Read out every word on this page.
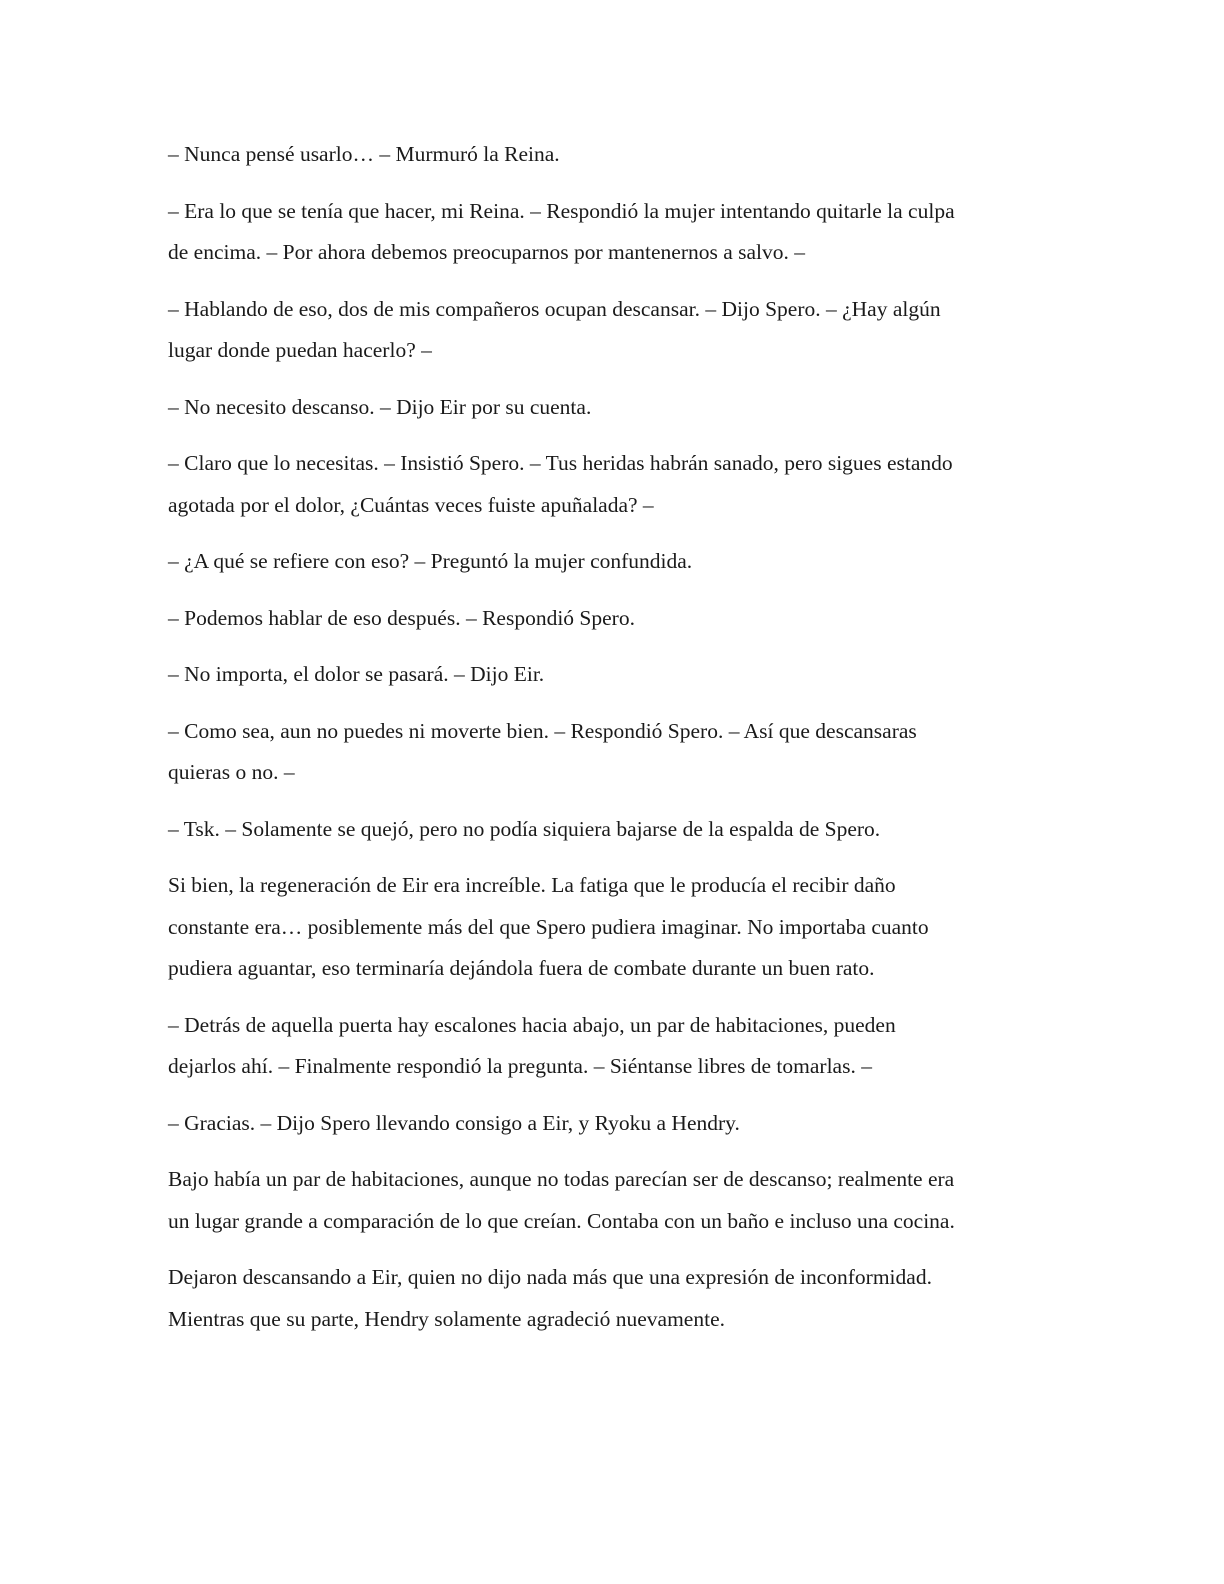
– Nunca pensé usarlo… – Murmuró la Reina.

– Era lo que se tenía que hacer, mi Reina. – Respondió la mujer intentando quitarle la culpa
de encima. – Por ahora debemos preocuparnos por mantenernos a salvo. –

– Hablando de eso, dos de mis compañeros ocupan descansar. – Dijo Spero. – ¿Hay algún
lugar donde puedan hacerlo? –

– No necesito descanso. – Dijo Eir por su cuenta.

– Claro que lo necesitas. – Insistió Spero. – Tus heridas habrán sanado, pero sigues estando
agotada por el dolor, ¿Cuántas veces fuiste apuñalada? –

– ¿A qué se refiere con eso? – Preguntó la mujer confundida.

– Podemos hablar de eso después. – Respondió Spero.

– No importa, el dolor se pasará. – Dijo Eir.

– Como sea, aun no puedes ni moverte bien. – Respondió Spero. – Así que descansaras
quieras o no. –

– Tsk. – Solamente se quejó, pero no podía siquiera bajarse de la espalda de Spero.

Si bien, la regeneración de Eir era increíble. La fatiga que le producía el recibir daño
constante era… posiblemente más del que Spero pudiera imaginar. No importaba cuanto
pudiera aguantar, eso terminaría dejándola fuera de combate durante un buen rato.

– Detrás de aquella puerta hay escalones hacia abajo, un par de habitaciones, pueden
dejarlos ahí. – Finalmente respondió la pregunta. – Siéntanse libres de tomarlas. –

– Gracias. – Dijo Spero llevando consigo a Eir, y Ryoku a Hendry.

Bajo había un par de habitaciones, aunque no todas parecían ser de descanso; realmente era
un lugar grande a comparación de lo que creían. Contaba con un baño e incluso una cocina.

Dejaron descansando a Eir, quien no dijo nada más que una expresión de inconformidad.
Mientras que su parte, Hendry solamente agradeció nuevamente.
